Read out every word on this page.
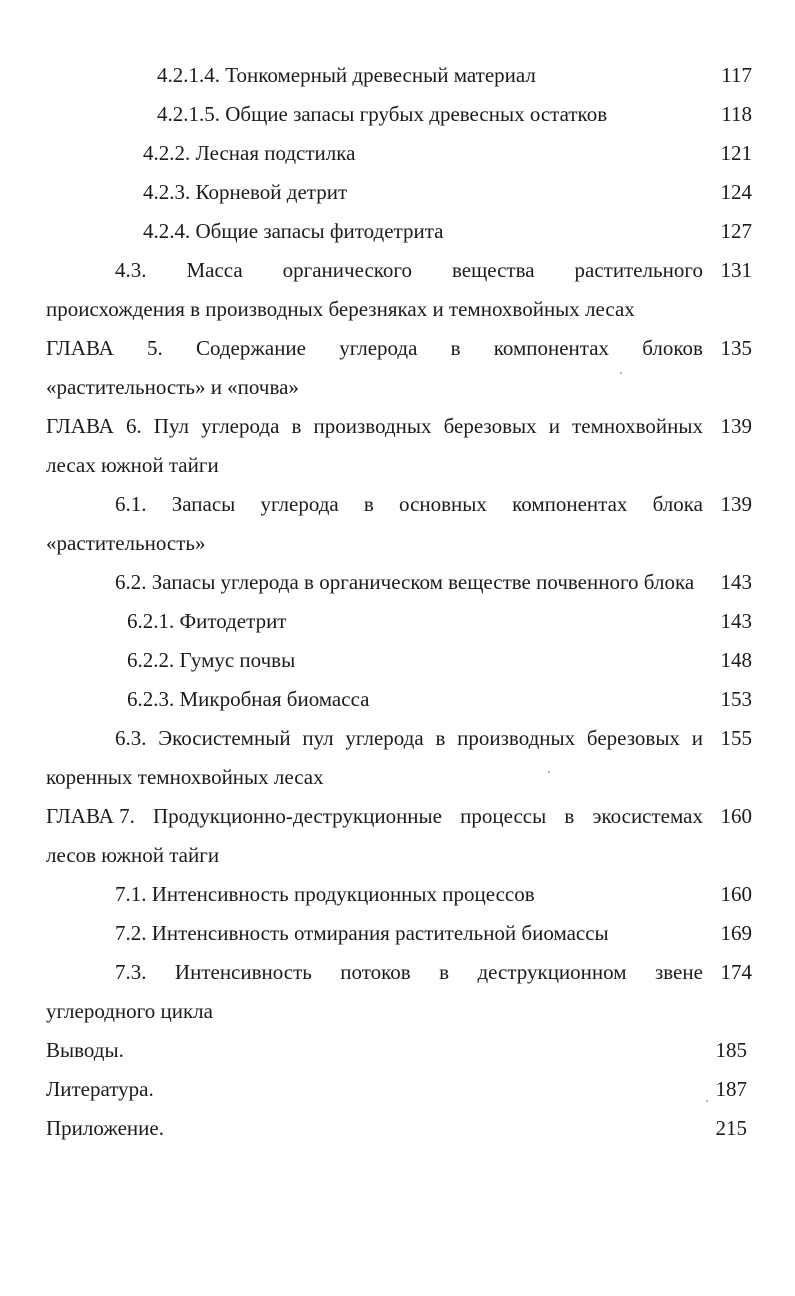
4.2.1.4. Тонкомерный древесный материал	117
4.2.1.5. Общие запасы грубых древесных остатков	118
4.2.2. Лесная подстилка	121
4.2.3. Корневой детрит	124
4.2.4. Общие запасы фитодетрита	127
4.3. Масса органического вещества растительного 131
происхождения в производных березняках и темнохвойных лесах
ГЛАВА 5. Содержание углерода в компонентах блоков 135
«растительность» и «почва»
ГЛАВА 6. Пул углерода в производных березовых и темнохвойных 139
лесах южной тайги
6.1. Запасы углерода в основных компонентах блока 139
«растительность»
6.2. Запасы углерода в органическом веществе почвенного блока	143
6.2.1. Фитодетрит	143
6.2.2. Гумус почвы	148
6.2.3. Микробная биомасса	153
6.3. Экосистемный пул углерода в производных березовых и 155
коренных темнохвойных лесах
ГЛАВА 7. Продукционно-деструкционные процессы в экосистемах 160
лесов южной тайги
7.1. Интенсивность продукционных процессов	160
7.2. Интенсивность отмирания растительной биомассы	169
7.3. Интенсивность потоков в деструкционном звене 174
углеродного цикла
Выводы.	185
Литература.	187
Приложение.	215
